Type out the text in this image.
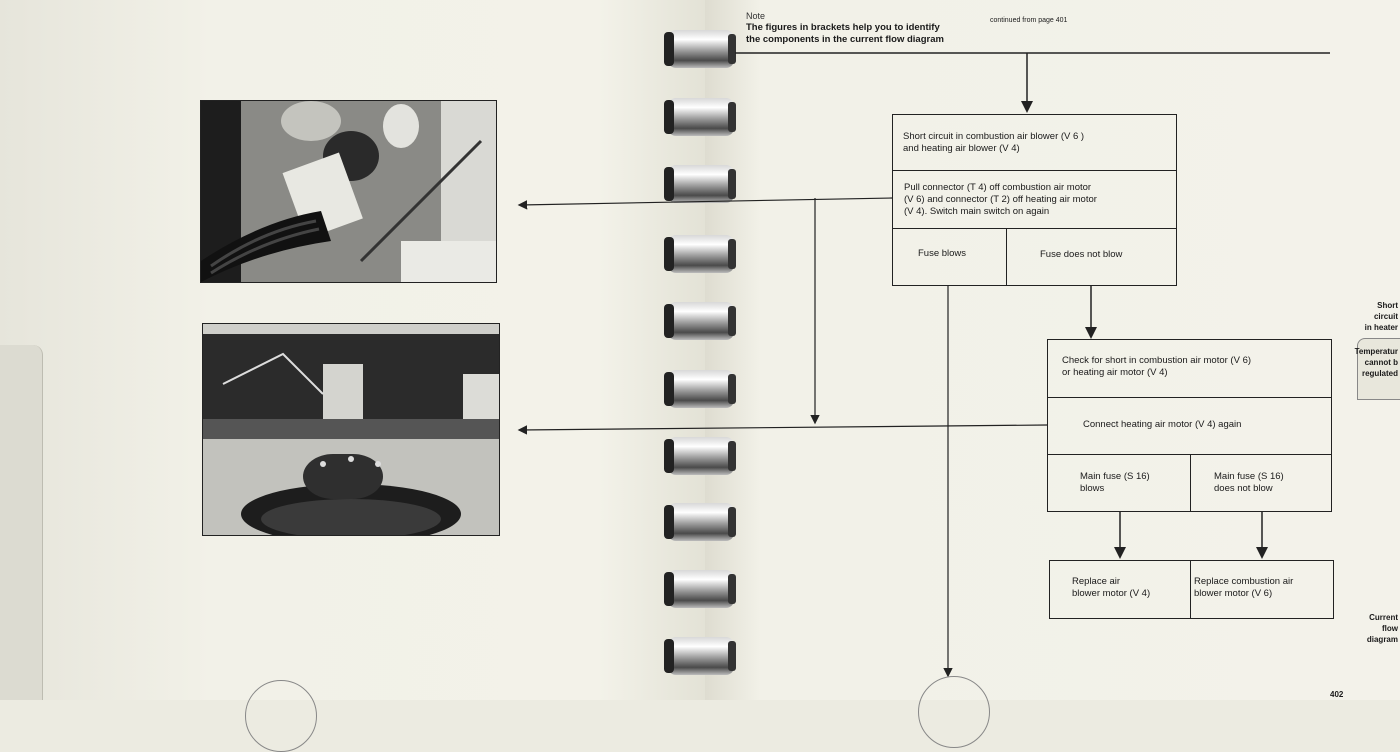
Note
The figures in brackets help you to identify
the components in the current flow diagram
continued from page 401
Short circuit in combustion air blower (V 6 )
and heating air blower (V 4)
Pull connector (T 4) off combustion air motor
(V 6) and connector (T 2) off heating air motor
(V 4). Switch main switch on again
Fuse blows	Fuse does not blow
Check for short in combustion air motor (V 6)
or heating air motor (V 4)
Connect heating air motor (V 4) again
Main fuse (S 16)
blows
Main fuse (S 16)
does not blow
Replace air
blower motor (V 4)
Replace combustion air
blower motor (V 6)
Short circuit
in heater
Temperatur
cannot b
regulated
Current
flow
diagram
402
